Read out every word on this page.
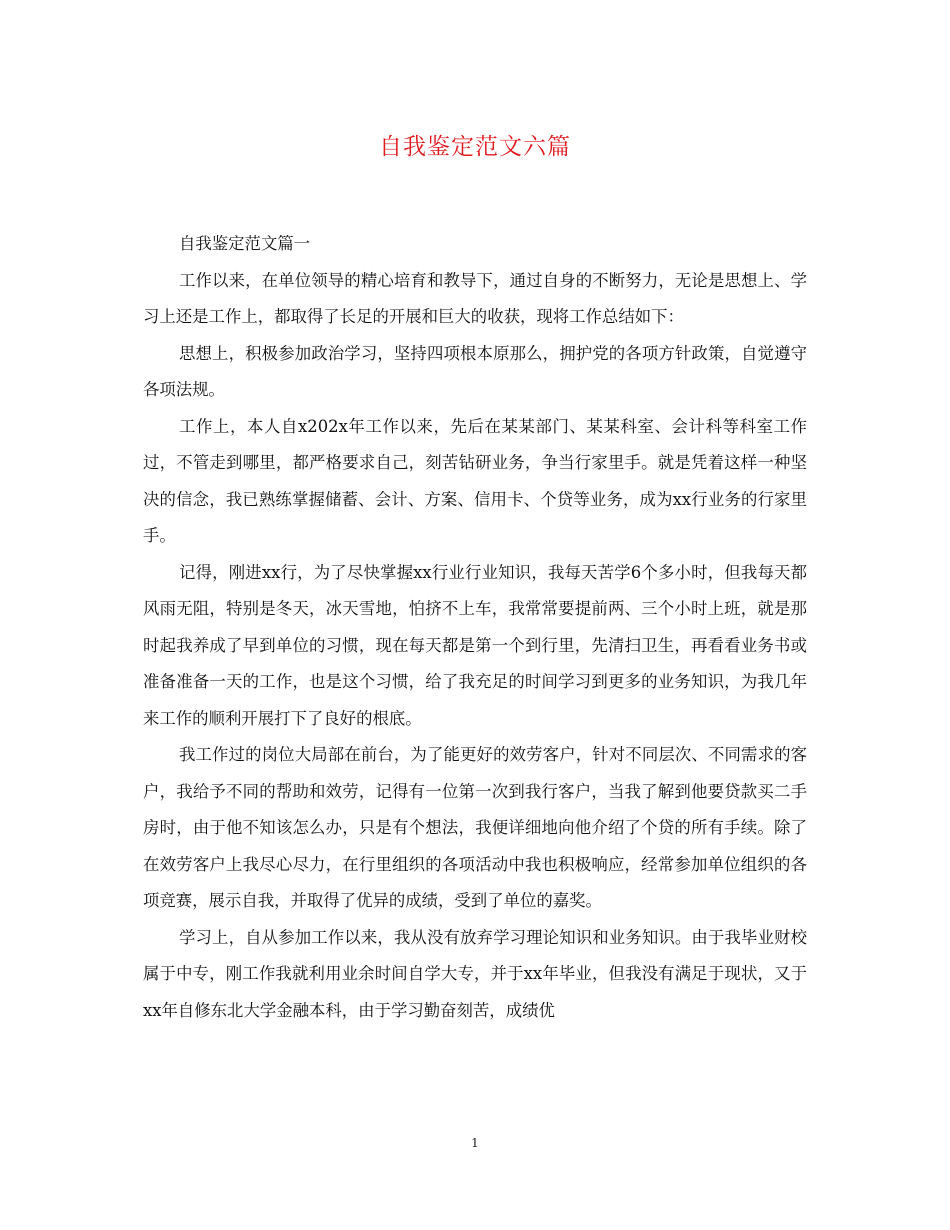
自我鉴定范文六篇

自我鉴定范文篇一

工作以来，在单位领导的精心培育和教导下，通过自身的不断努力，无论是思想上、学习上还是工作上，都取得了长足的开展和巨大的收获，现将工作总结如下：

思想上，积极参加政治学习，坚持四项根本原那么，拥护党的各项方针政策，自觉遵守各项法规。

工作上，本人自x202x年工作以来，先后在某某部门、某某科室、会计科等科室工作过，不管走到哪里，都严格要求自己，刻苦钻研业务，争当行家里手。就是凭着这样一种坚决的信念，我已熟练掌握储蓄、会计、方案、信用卡、个贷等业务，成为xx行业务的行家里手。

记得，刚进xx行，为了尽快掌握xx行业行业知识，我每天苦学6个多小时，但我每天都风雨无阻，特别是冬天，冰天雪地，怕挤不上车，我常常要提前两、三个小时上班，就是那时起我养成了早到单位的习惯，现在每天都是第一个到行里，先清扫卫生，再看看业务书或准备准备一天的工作，也是这个习惯，给了我充足的时间学习到更多的业务知识，为我几年来工作的顺利开展打下了良好的根底。

我工作过的岗位大局部在前台，为了能更好的效劳客户，针对不同层次、不同需求的客户，我给予不同的帮助和效劳，记得有一位第一次到我行客户，当我了解到他要贷款买二手房时，由于他不知该怎么办，只是有个想法，我便详细地向他介绍了个贷的所有手续。除了在效劳客户上我尽心尽力，在行里组织的各项活动中我也积极响应，经常参加单位组织的各项竞赛，展示自我，并取得了优异的成绩，受到了单位的嘉奖。

学习上，自从参加工作以来，我从没有放弃学习理论知识和业务知识。由于我毕业财校属于中专，刚工作我就利用业余时间自学大专，并于xx年毕业，但我没有满足于现状，又于xx年自修东北大学金融本科，由于学习勤奋刻苦，成绩优

1
